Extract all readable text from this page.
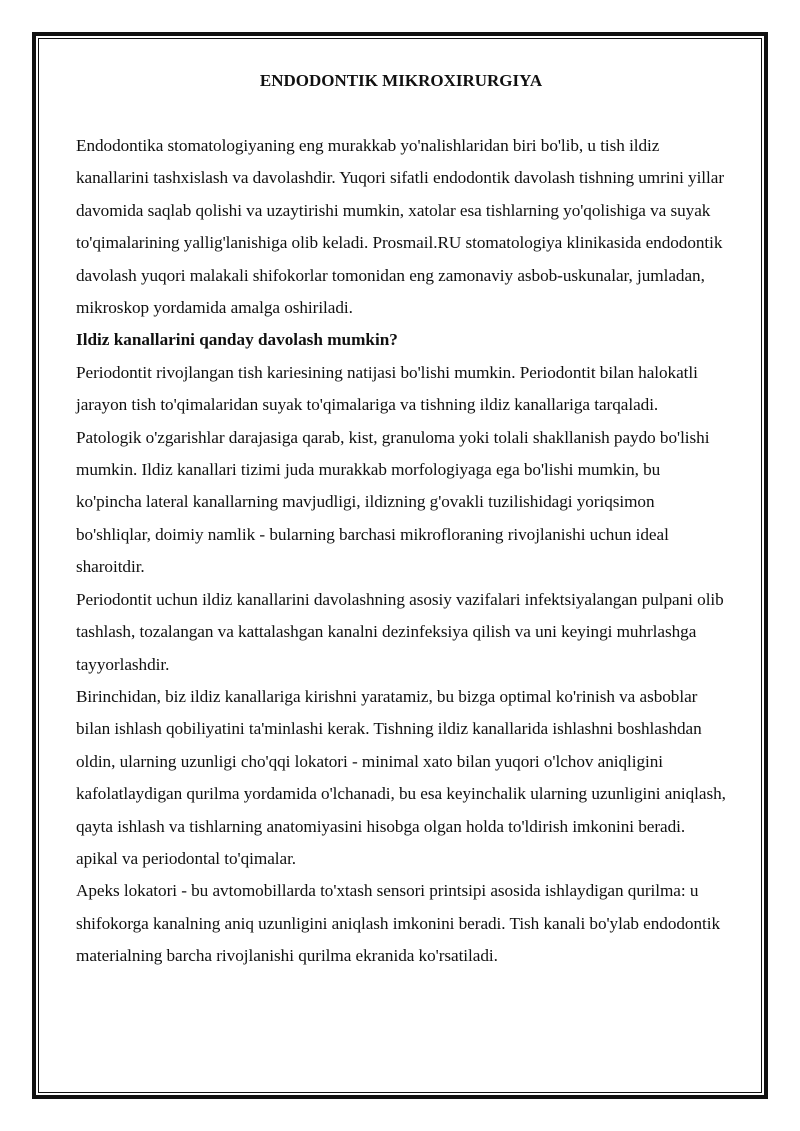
ENDODONTIK MIKROXIRURGIYA

Endodontika stomatologiyaning eng murakkab yo'nalishlaridan biri bo'lib, u tish ildiz kanallarini tashxislash va davolashdir. Yuqori sifatli endodontik davolash tishning umrini yillar davomida saqlab qolishi va uzaytirishi mumkin, xatolar esa tishlarning yo'qolishiga va suyak to'qimalarining yallig'lanishiga olib keladi. Prosmail.RU stomatologiya klinikasida endodontik davolash yuqori malakali shifokorlar tomonidan eng zamonaviy asbob-uskunalar, jumladan, mikroskop yordamida amalga oshiriladi.

Ildiz kanallarini qanday davolash mumkin?

Periodontit rivojlangan tish kariesining natijasi bo'lishi mumkin. Periodontit bilan halokatli jarayon tish to'qimalaridan suyak to'qimalariga va tishning ildiz kanallariga tarqaladi. Patologik o'zgarishlar darajasiga qarab, kist, granuloma yoki tolali shakllanish paydo bo'lishi mumkin. Ildiz kanallari tizimi juda murakkab morfologiyaga ega bo'lishi mumkin, bu ko'pincha lateral kanallarning mavjudligi, ildizning g'ovakli tuzilishidagi yoriqsimon bo'shliqlar, doimiy namlik - bularning barchasi mikrofloraning rivojlanishi uchun ideal sharoitdir.

Periodontit uchun ildiz kanallarini davolashning asosiy vazifalari infektsiyalangan pulpani olib tashlash, tozalangan va kattalashgan kanalni dezinfeksiya qilish va uni keyingi muhrlashga tayyorlashdir.

Birinchidan, biz ildiz kanallariga kirishni yaratamiz, bu bizga optimal ko'rinish va asboblar bilan ishlash qobiliyatini ta'minlashi kerak. Tishning ildiz kanallarida ishlashni boshlashdan oldin, ularning uzunligi cho'qqi lokatori - minimal xato bilan yuqori o'lchov aniqligini kafolatlaydigan qurilma yordamida o'lchanadi, bu esa keyinchalik ularning uzunligini aniqlash, qayta ishlash va tishlarning anatomiyasini hisobga olgan holda to'ldirish imkonini beradi. apikal va periodontal to'qimalar.

Apeks lokatori - bu avtomobillarda to'xtash sensori printsipi asosida ishlaydigan qurilma: u shifokorga kanalning aniq uzunligini aniqlash imkonini beradi. Tish kanali bo'ylab endodontik materialning barcha rivojlanishi qurilma ekranida ko'rsatiladi.
